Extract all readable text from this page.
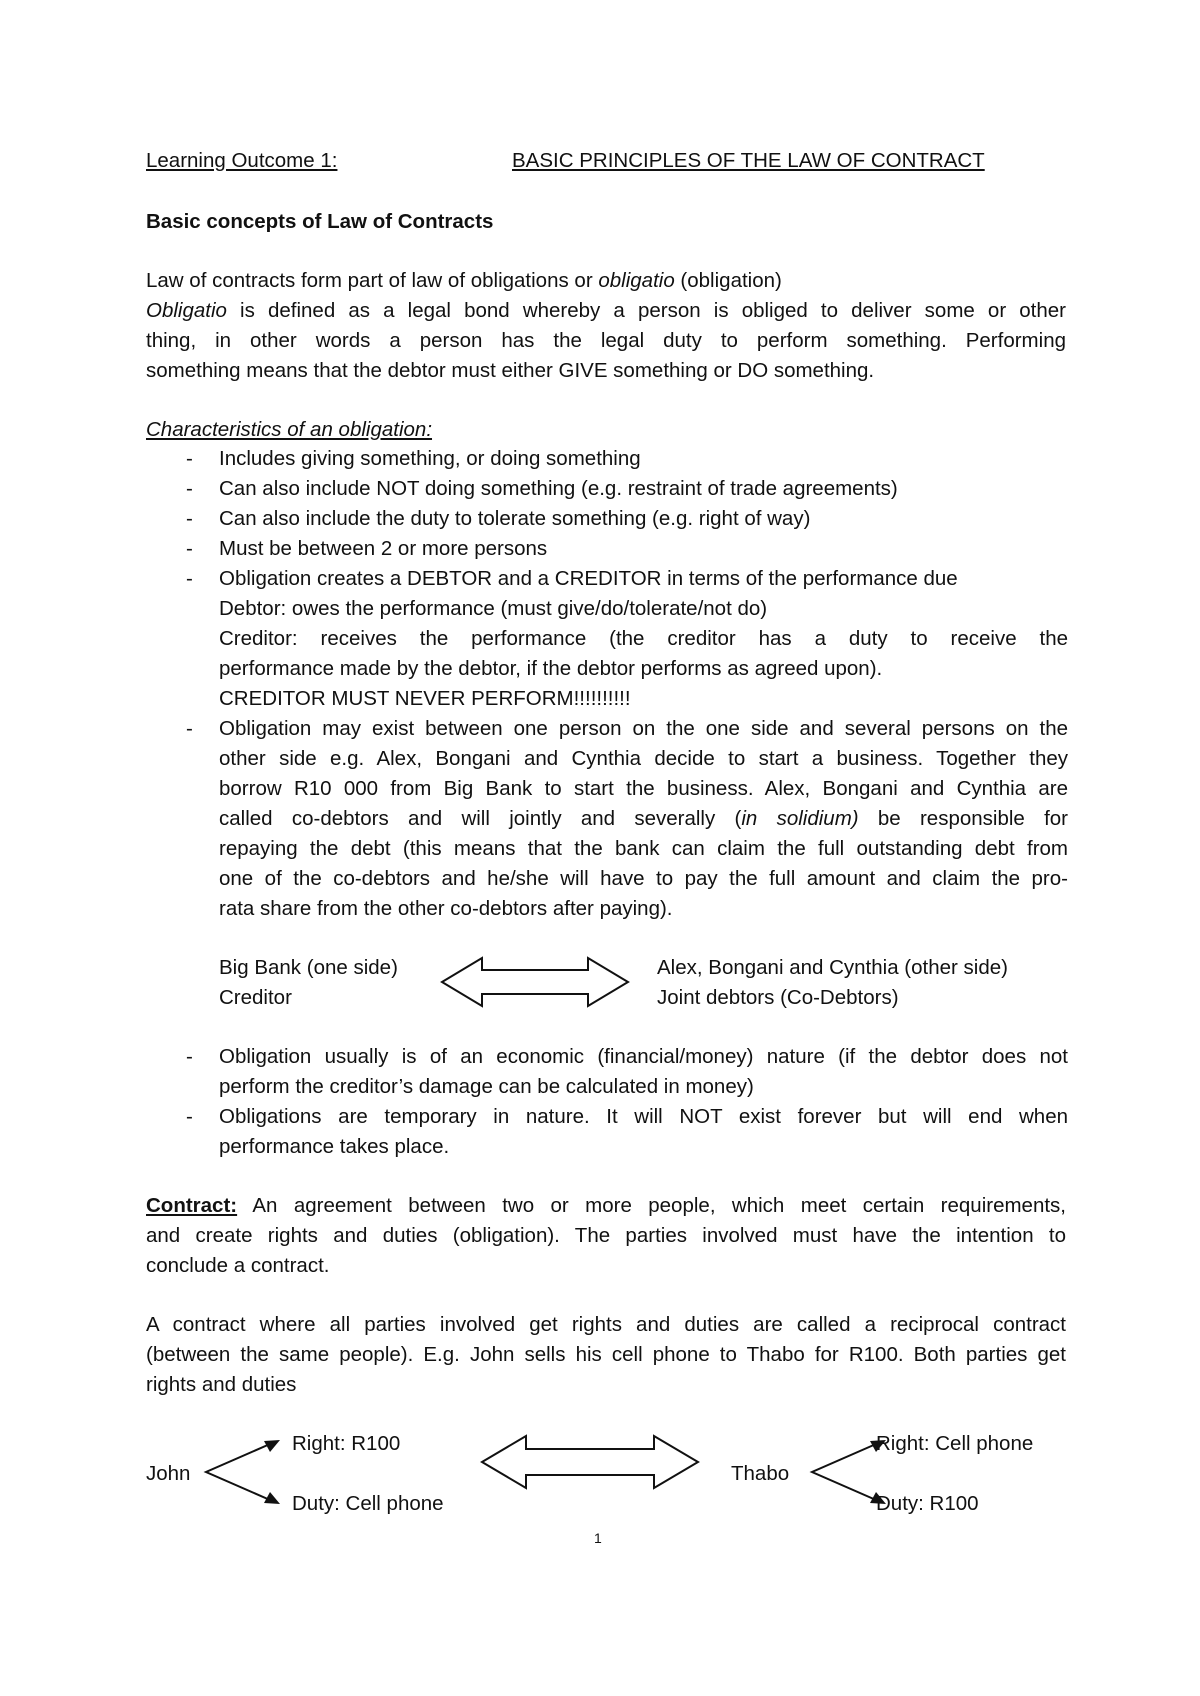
Learning Outcome 1:	BASIC PRINCIPLES OF THE LAW OF CONTRACT
Basic concepts of Law of Contracts
Law of contracts form part of law of obligations or obligatio (obligation)
Obligatio is defined as a legal bond whereby a person is obliged to deliver some or other
thing, in other words a person has the legal duty to perform something. Performing
something means that the debtor must either GIVE something or DO something.
Characteristics of an obligation:
-	Includes giving something, or doing something
-	Can also include NOT doing something (e.g. restraint of trade agreements)
-	Can also include the duty to tolerate something (e.g. right of way)
-	Must be between 2 or more persons
-	Obligation creates a DEBTOR and a CREDITOR in terms of the performance due
Debtor: owes the performance (must give/do/tolerate/not do)
Creditor: receives the performance (the creditor has a duty to receive the
performance made by the debtor, if the debtor performs as agreed upon).
CREDITOR MUST NEVER PERFORM!!!!!!!!!!
-	Obligation may exist between one person on the one side and several persons on the
other side e.g. Alex, Bongani and Cynthia decide to start a business. Together they
borrow R10 000 from Big Bank to start the business. Alex, Bongani and Cynthia are
called co-debtors and will jointly and severally (in solidium) be responsible for
repaying the debt (this means that the bank can claim the full outstanding debt from
one of the co-debtors and he/she will have to pay the full amount and claim the pro-
rata share from the other co-debtors after paying).
Big Bank (one side)
Creditor
Alex, Bongani and Cynthia (other side)
Joint debtors (Co-Debtors)
-	Obligation usually is of an economic (financial/money) nature (if the debtor does not
perform the creditor’s damage can be calculated in money)
-	Obligations are temporary in nature. It will NOT exist forever but will end when
performance takes place.
Contract: An agreement between two or more people, which meet certain requirements,
and create rights and duties (obligation). The parties involved must have the intention to
conclude a contract.
A contract where all parties involved get rights and duties are called a reciprocal contract
(between the same people). E.g. John sells his cell phone to Thabo for R100. Both parties get
rights and duties
John
Right: R100
Duty: Cell phone
Thabo
Right: Cell phone
Duty: R100
1
